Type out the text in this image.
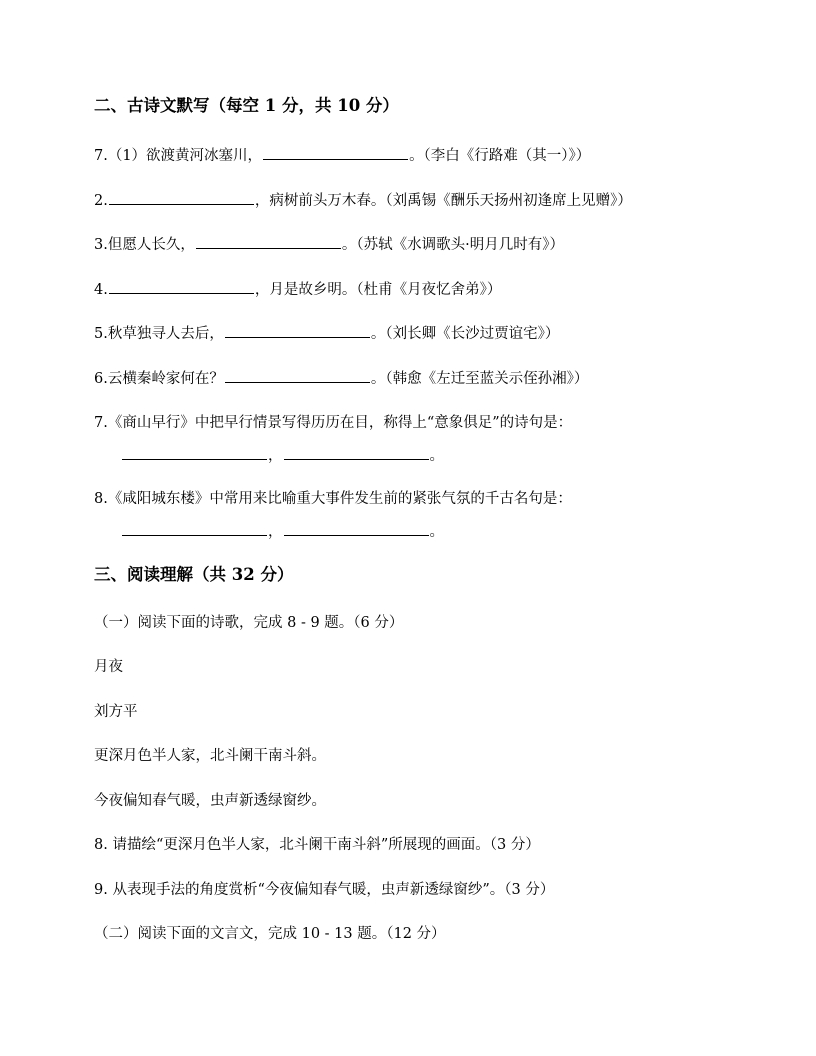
二、古诗文默写（每空 1 分，共 10 分）
7.（1）欲渡黄河冰塞川，	。（李白《行路难（其一）》）
2.	，病树前头万木春。（刘禹锡《酬乐天扬州初逢席上见赠》）
3.但愿人长久，	。（苏轼《水调歌头·明月几时有》）
4.	，月是故乡明。（杜甫《月夜忆舍弟》）
5.秋草独寻人去后，	。（刘长卿《长沙过贾谊宅》）
6.云横秦岭家何在？	。（韩愈《左迁至蓝关示侄孙湘》）
7.《商山早行》中把早行情景写得历历在目，称得上“意象俱足”的诗句是：
，	。
8.《咸阳城东楼》中常用来比喻重大事件发生前的紧张气氛的千古名句是：
，	。
三、阅读理解（共 32 分）
（一）阅读下面的诗歌，完成 8 - 9 题。（6 分）
月夜
刘方平
更深月色半人家，北斗阑干南斗斜。
今夜偏知春气暖，虫声新透绿窗纱。
8. 请描绘“更深月色半人家，北斗阑干南斗斜”所展现的画面。（3 分）
9. 从表现手法的角度赏析“今夜偏知春气暖，虫声新透绿窗纱”。（3 分）
（二）阅读下面的文言文，完成 10 - 13 题。（12 分）
